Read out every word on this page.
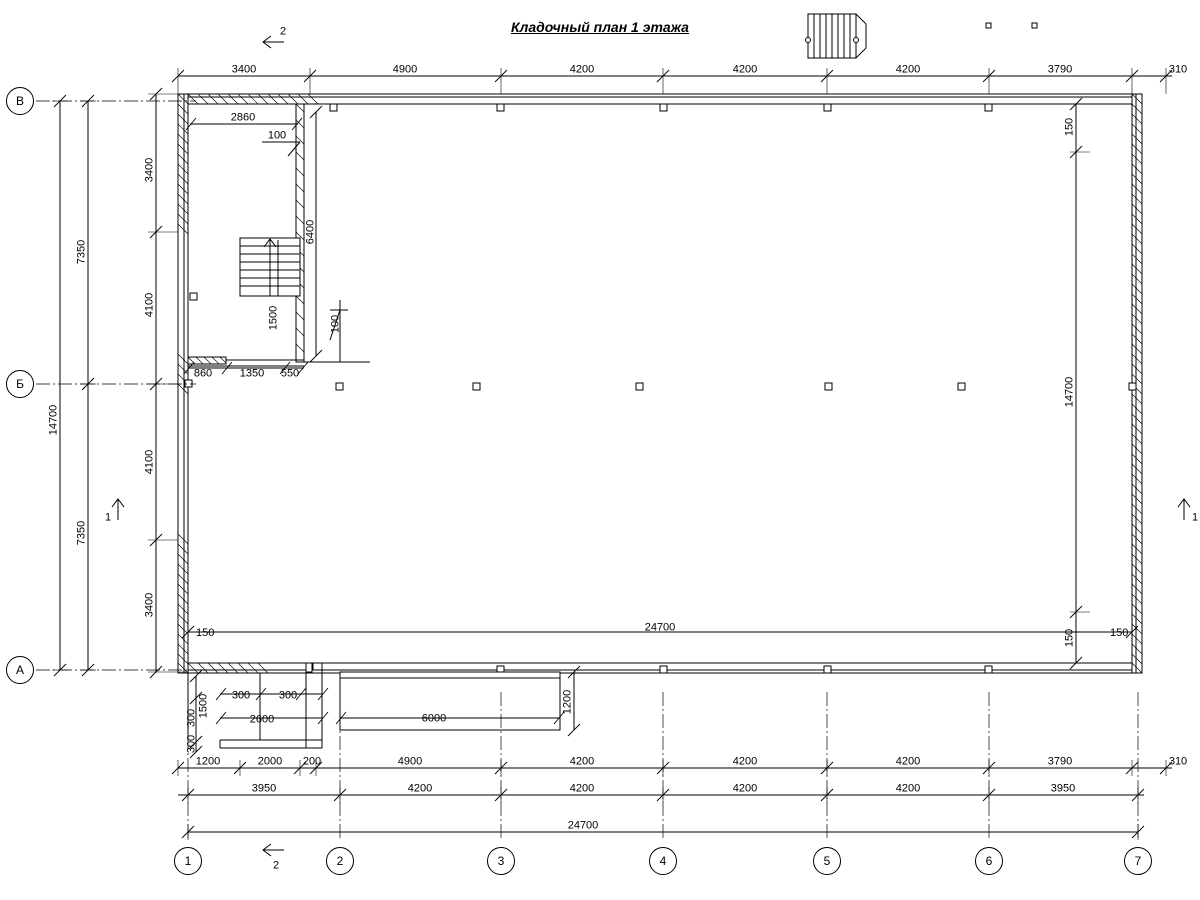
Кладочный план 1 этажа
В
Б
А
1	2	3	4	5	6	7
2
1	1
2
3400	4900	4200	4200	4200	3790	310
1200	2000 200	4900	4200	4200	4200	3790	310
3950	4200	4200	4200	4200	3950
24700
7350
7350
14700
3400
4100
4100
3400
150
14700
150
150	24700	150
2860
100
100
6400
1500
860	1350 550
300	300
2600	6000
1200
1500
300
300
